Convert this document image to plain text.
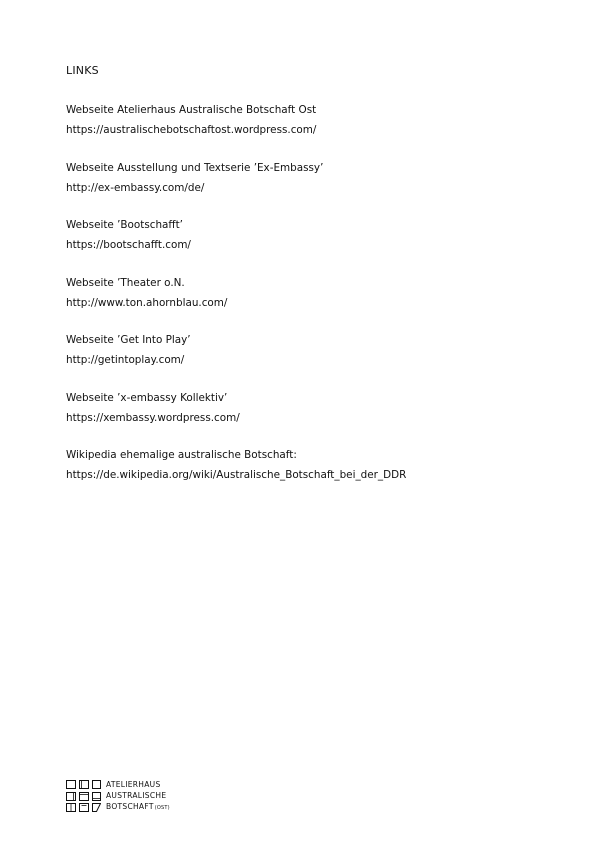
LINKS
Webseite Atelierhaus Australische Botschaft Ost
https://australischebotschaftost.wordpress.com/
Webseite Ausstellung und Textserie ’Ex-Embassy’
http://ex-embassy.com/de/
Webseite ’Bootschafft’
https://bootschafft.com/
Webseite ’Theater o.N.
http://www.ton.ahornblau.com/
Webseite ’Get Into Play’
http://getintoplay.com/
Webseite ’x-embassy Kollektiv’
https://xembassy.wordpress.com/
Wikipedia ehemalige australische Botschaft:
https://de.wikipedia.org/wiki/Australische_Botschaft_bei_der_DDR
ATELIERHAUS
AUSTRALISCHE
BOTSCHAFT(OST)
